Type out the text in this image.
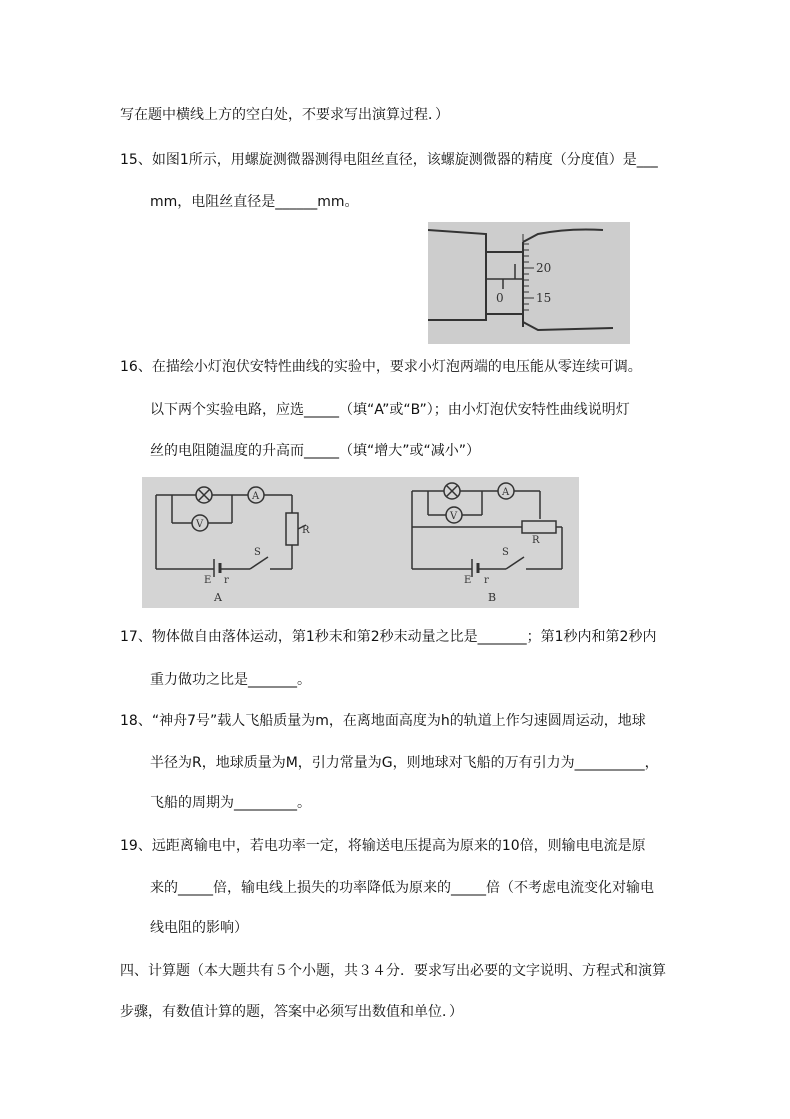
写在题中横线上方的空白处，不要求写出演算过程．）
15、如图1所示，用螺旋测微器测得电阻丝直径，该螺旋测微器的精度（分度值）是___
mm，电阻丝直径是______mm。
20
15
0
16、在描绘小灯泡伏安特性曲线的实验中，要求小灯泡两端的电压能从零连续可调。
以下两个实验电路，应选_____（填“A”或“B”）；由小灯泡伏安特性曲线说明灯
丝的电阻随温度的升高而_____（填“增大”或“减小”）
A
V
R
S
E r
A
A
V
R
S
E r
B
17、物体做自由落体运动，第1秒末和第2秒末动量之比是_______；第1秒内和第2秒内
重力做功之比是_______。
18、“神舟7号”载人飞船质量为m，在离地面高度为h的轨道上作匀速圆周运动，地球
半径为R，地球质量为M，引力常量为G，则地球对飞船的万有引力为__________，
飞船的周期为_________。
19、远距离输电中，若电功率一定，将输送电压提高为原来的10倍，则输电电流是原
来的_____倍，输电线上损失的功率降低为原来的_____倍（不考虑电流变化对输电
线电阻的影响）
四、计算题（本大题共有５个小题，共３４分．要求写出必要的文字说明、方程式和演算
步骤，有数值计算的题，答案中必须写出数值和单位．）
